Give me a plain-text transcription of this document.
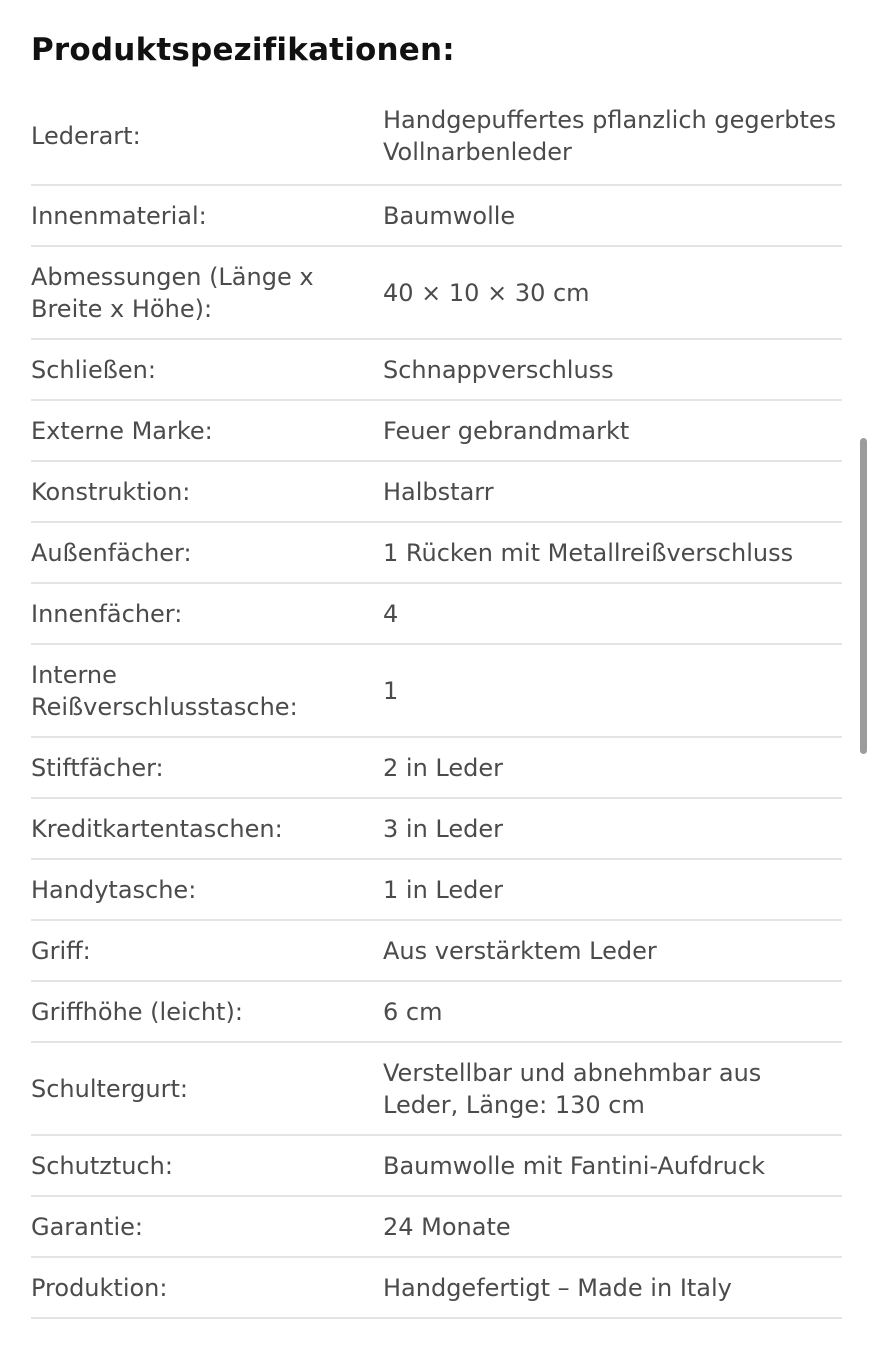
Produktspezifikationen:
Lederart:	Handgepuffertes pflanzlich gegerbtes Vollnarbenleder
Innenmaterial:	Baumwolle
Abmessungen (Länge x Breite x Höhe):	40 × 10 × 30 cm
Schließen:	Schnappverschluss
Externe Marke:	Feuer gebrandmarkt
Konstruktion:	Halbstarr
Außenfächer:	1 Rücken mit Metallreißverschluss
Innenfächer:	4
Interne Reißverschlusstasche:	1
Stiftfächer:	2 in Leder
Kreditkartentaschen:	3 in Leder
Handytasche:	1 in Leder
Griff:	Aus verstärktem Leder
Griffhöhe (leicht):	6 cm
Schultergurt:	Verstellbar und abnehmbar aus Leder, Länge: 130 cm
Schutztuch:	Baumwolle mit Fantini-Aufdruck
Garantie:	24 Monate
Produktion:	Handgefertigt – Made in Italy
